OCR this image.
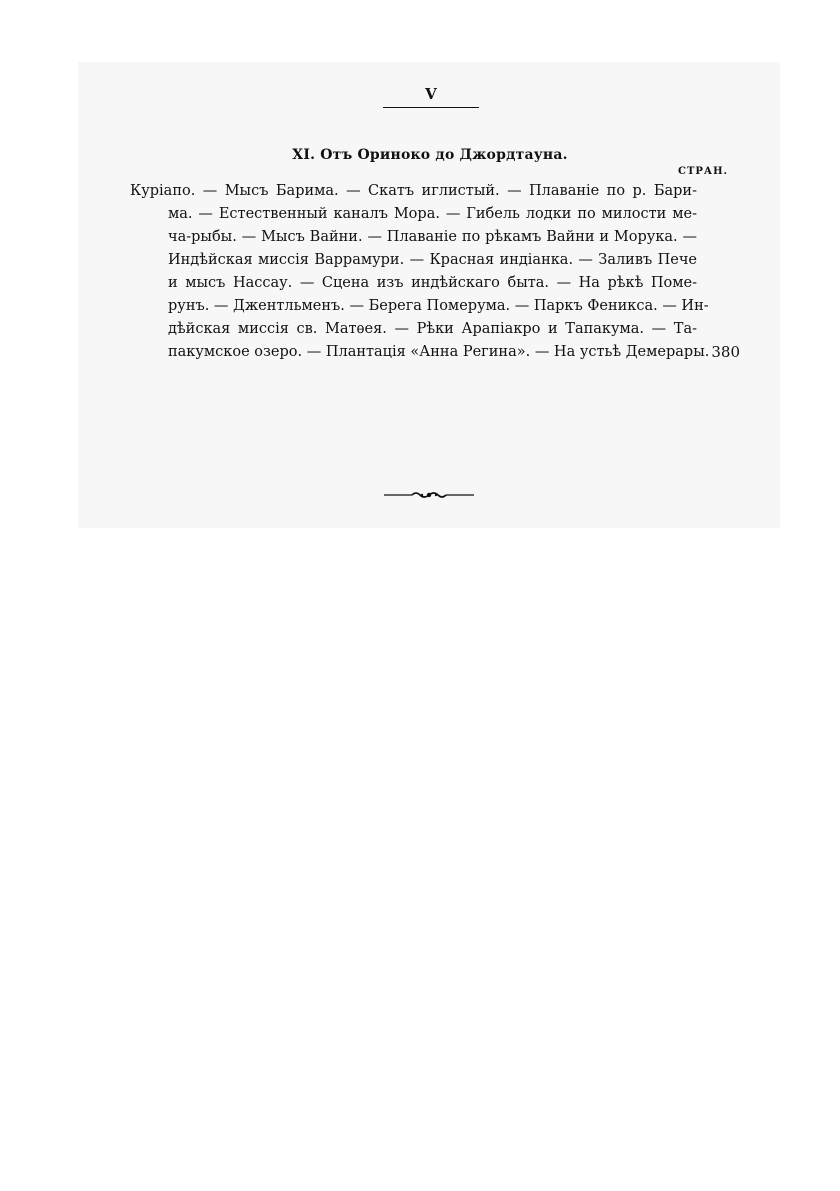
V
XI. Отъ Ориноко до Джордтауна.
СТРАН.
Куріапо. — Мысъ Барима. — Скатъ иглистый. — Плаваніе по р. Бари-
ма. — Естественный каналъ Мора. — Гибель лодки по милости ме-
ча-рыбы. — Мысъ Вайни. — Плаваніе по рѣкамъ Вайни и Морука. —
Индѣйская миссія Варрамури. — Красная индіанка. — Заливъ Пече
и мысъ Нассау. — Сцена изъ индѣйскаго быта. — На рѣкѣ Поме-
рунъ. — Джентльменъ. — Берега Померума. — Паркъ Феникса. — Ин-
дѣйская миссія св. Матѳея. — Рѣки Арапіакро и Тапакума. — Та-
пакумское озеро. — Плантація «Анна Регина». — На устьѣ Демерары. 380
